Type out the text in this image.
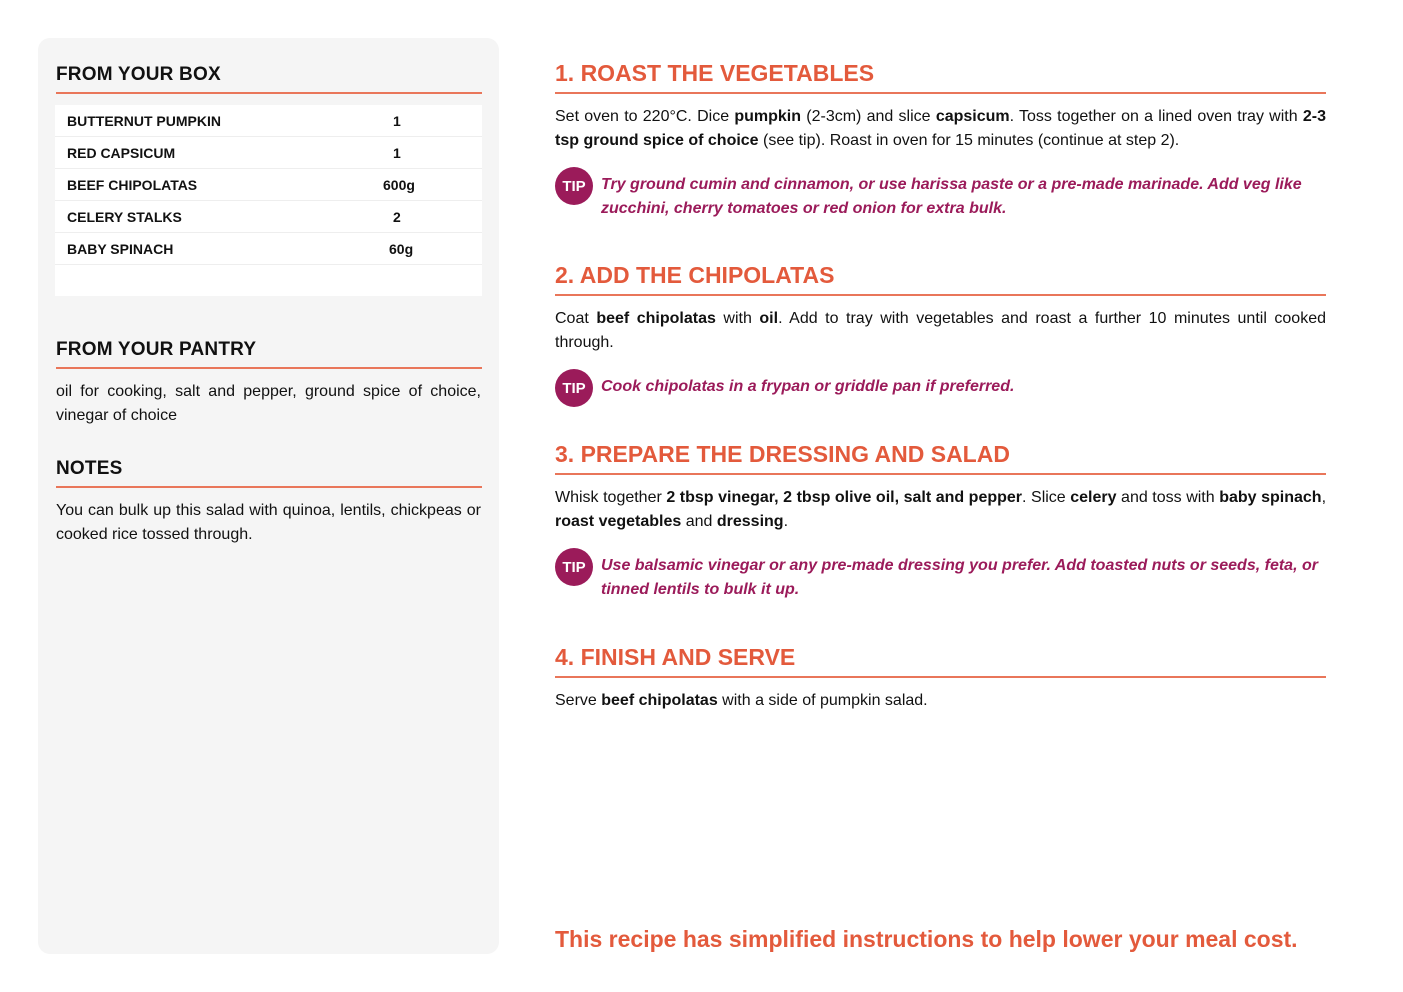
FROM YOUR BOX
BUTTERNUT PUMPKIN	1
RED CAPSICUM	1
BEEF CHIPOLATAS	600g
CELERY STALKS	2
BABY SPINACH	60g
FROM YOUR PANTRY
oil for cooking, salt and pepper, ground spice of choice, vinegar of choice
NOTES
You can bulk up this salad with quinoa, lentils, chickpeas or cooked rice tossed through.
1. ROAST THE VEGETABLES
Set oven to 220°C. Dice pumpkin (2-3cm) and slice capsicum. Toss together on a lined oven tray with 2-3 tsp ground spice of choice (see tip). Roast in oven for 15 minutes (continue at step 2).
TIP Try ground cumin and cinnamon, or use harissa paste or a pre-made marinade. Add veg like zucchini, cherry tomatoes or red onion for extra bulk.
2. ADD THE CHIPOLATAS
Coat beef chipolatas with oil. Add to tray with vegetables and roast a further 10 minutes until cooked through.
TIP Cook chipolatas in a frypan or griddle pan if preferred.
3. PREPARE THE DRESSING AND SALAD
Whisk together 2 tbsp vinegar, 2 tbsp olive oil, salt and pepper. Slice celery and toss with baby spinach, roast vegetables and dressing.
TIP Use balsamic vinegar or any pre-made dressing you prefer. Add toasted nuts or seeds, feta, or tinned lentils to bulk it up.
4. FINISH AND SERVE
Serve beef chipolatas with a side of pumpkin salad.
This recipe has simplified instructions to help lower your meal cost.
